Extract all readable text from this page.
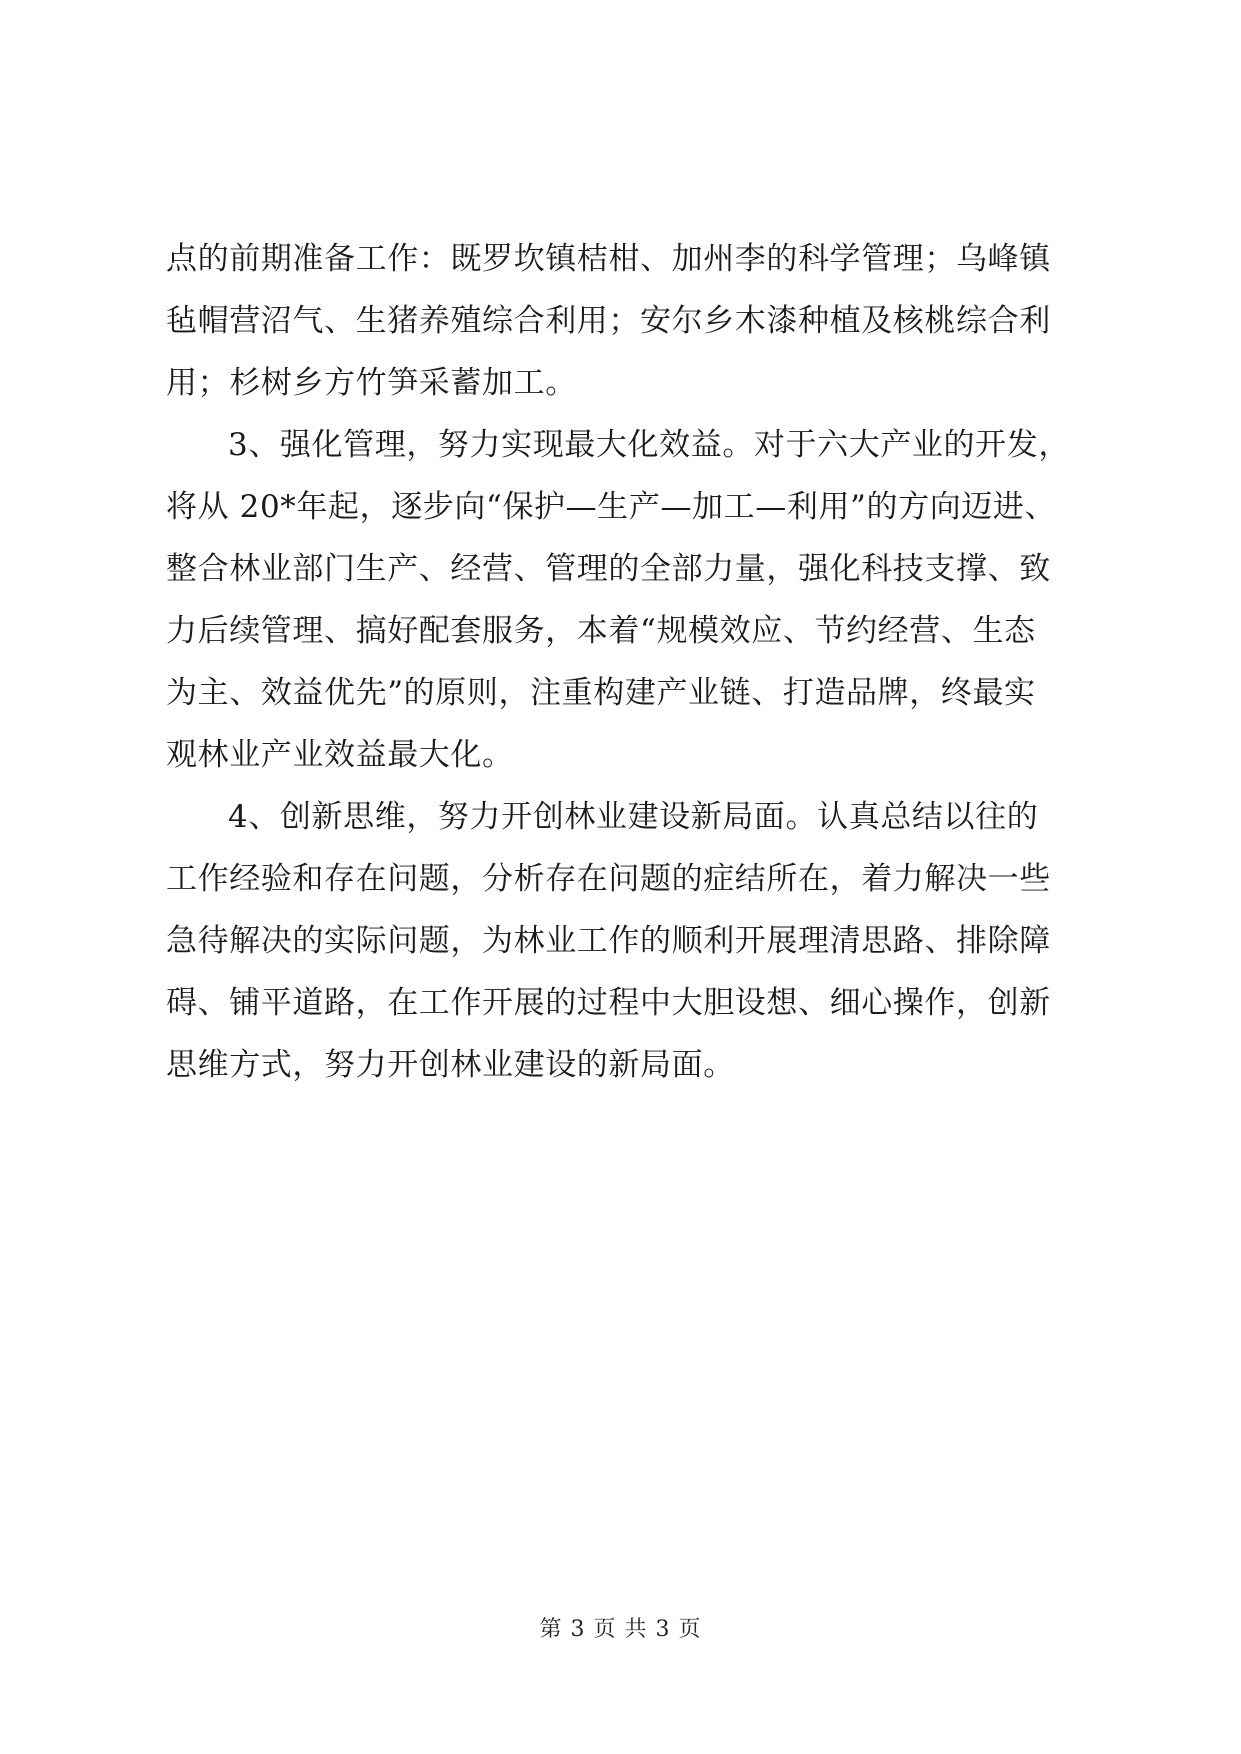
点的前期准备工作：既罗坎镇桔柑、加州李的科学管理；乌峰镇
毡帽营沼气、生猪养殖综合利用；安尔乡木漆种植及核桃综合利
用；杉树乡方竹笋采蓄加工。
3、强化管理，努力实现最大化效益。对于六大产业的开发，
将从 20*年起，逐步向“保护—生产—加工—利用”的方向迈进、
整合林业部门生产、经营、管理的全部力量，强化科技支撑、致
力后续管理、搞好配套服务，本着“规模效应、节约经营、生态
为主、效益优先”的原则，注重构建产业链、打造品牌，终最实
观林业产业效益最大化。
4、创新思维，努力开创林业建设新局面。认真总结以往的
工作经验和存在问题，分析存在问题的症结所在，着力解决一些
急待解决的实际问题，为林业工作的顺利开展理清思路、排除障
碍、铺平道路，在工作开展的过程中大胆设想、细心操作，创新
思维方式，努力开创林业建设的新局面。
第 3 页 共 3 页
